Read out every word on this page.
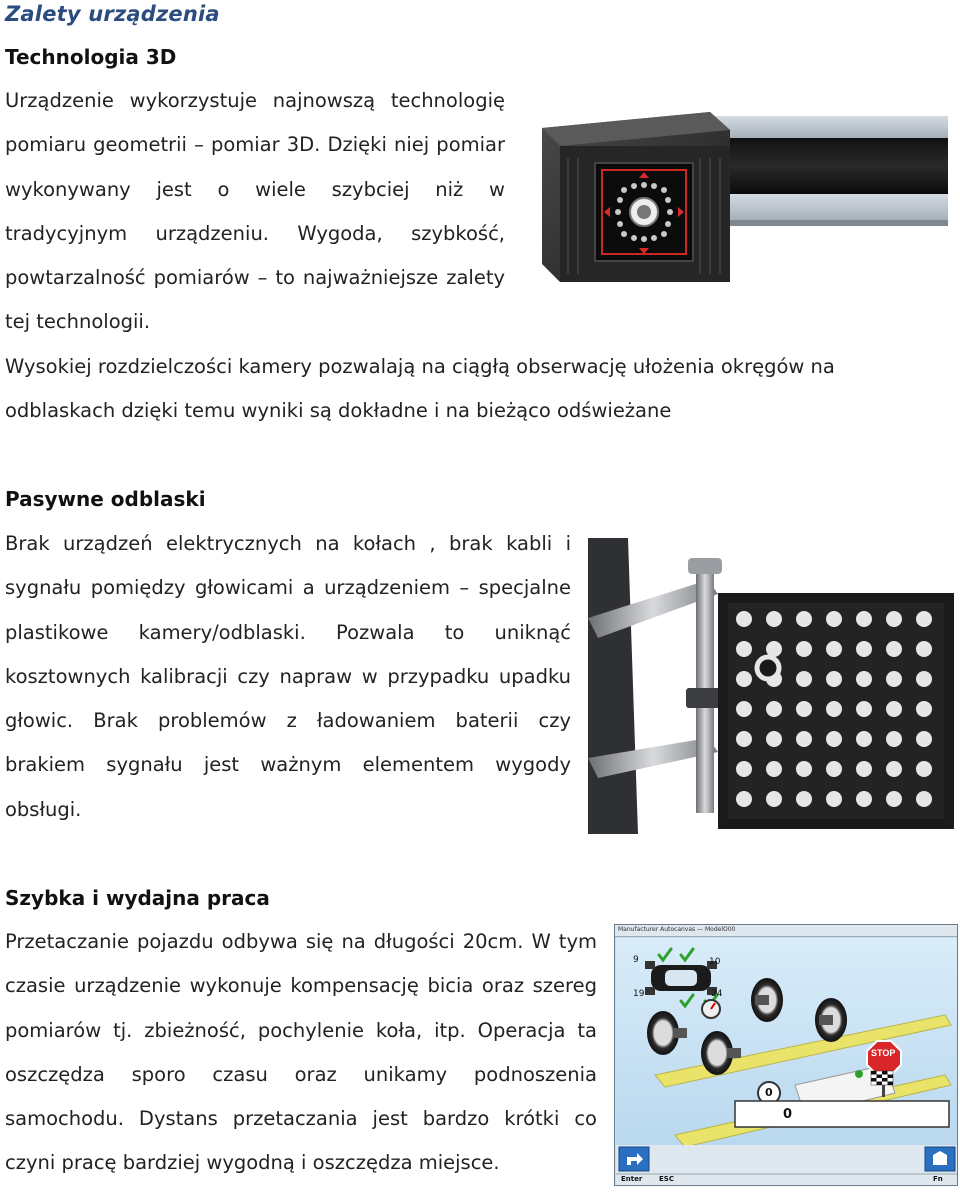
Zalety urządzenia
Technologia 3D
Urządzenie wykorzystuje najnowszą technologię pomiaru geometrii – pomiar 3D. Dzięki niej pomiar wykonywany jest o wiele szybciej niż w tradycyjnym urządzeniu. Wygoda, szybkość, powtarzalność pomiarów – to najważniejsze zalety tej technologii.
Wysokiej rozdzielczości kamery pozwalają na ciągłą obserwację ułożenia okręgów na odblaskach dzięki temu wyniki są dokładne i na bieżąco odświeżane
Pasywne odblaski
Brak urządzeń elektrycznych na kołach , brak kabli i sygnału pomiędzy głowicami a urządzeniem – specjalne plastikowe kamery/odblaski. Pozwala to uniknąć kosztownych kalibracji czy napraw w przypadku upadku głowic. Brak problemów z ładowaniem baterii czy brakiem sygnału jest ważnym elementem wygody obsługi.
Szybka i wydajna praca
Przetaczanie pojazdu odbywa się na długości 20cm. W tym czasie urządzenie wykonuje kompensację bicia oraz szereg pomiarów tj. zbieżność, pochylenie koła, itp. Operacja ta oszczędza sporo czasu oraz unikamy podnoszenia samochodu. Dystans przetaczania jest bardzo krótki co czyni pracę bardziej wygodną i oszczędza miejsce.
Manufacturer Autocanvas — ModelO00
9	10
19	24
0
0
STOP
Enter ESC	Fn
